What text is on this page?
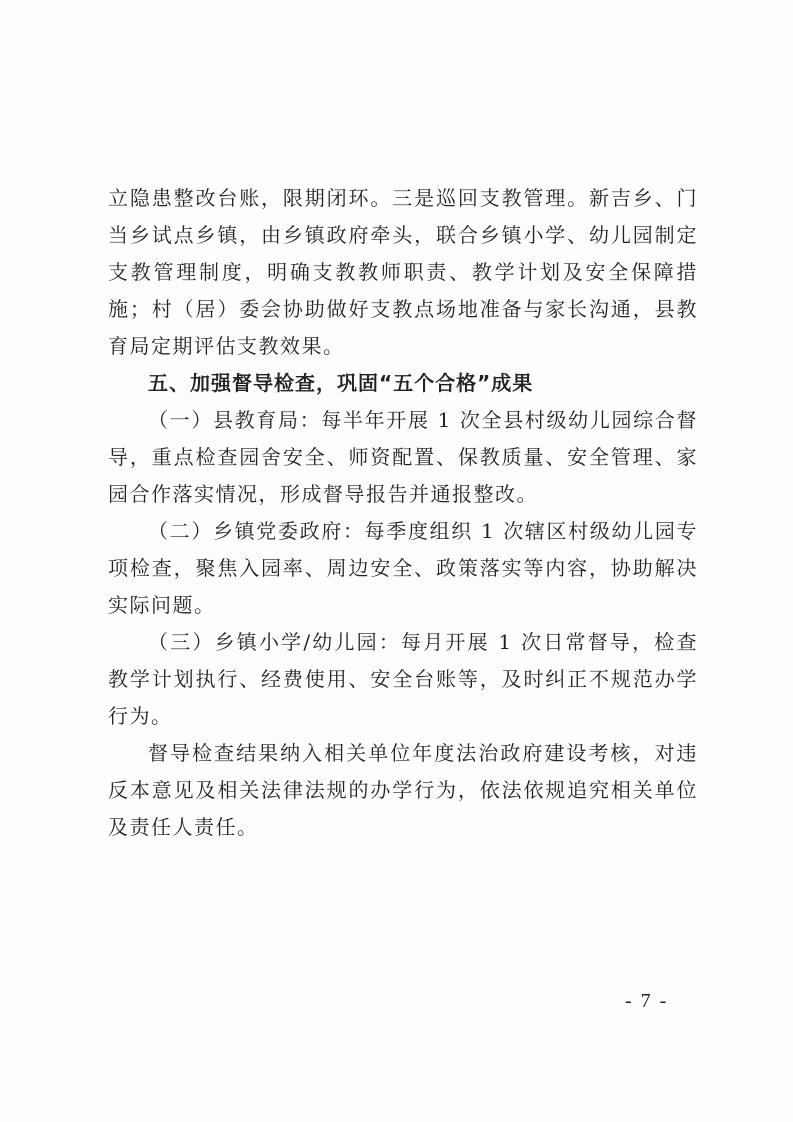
立隐患整改台账，限期闭环。三是巡回支教管理。新吉乡、门当乡试点乡镇，由乡镇政府牵头，联合乡镇小学、幼儿园制定支教管理制度，明确支教教师职责、教学计划及安全保障措施；村（居）委会协助做好支教点场地准备与家长沟通，县教育局定期评估支教效果。

五、加强督导检查，巩固“五个合格”成果

（一）县教育局：每半年开展 1 次全县村级幼儿园综合督导，重点检查园舍安全、师资配置、保教质量、安全管理、家园合作落实情况，形成督导报告并通报整改。

（二）乡镇党委政府：每季度组织 1 次辖区村级幼儿园专项检查，聚焦入园率、周边安全、政策落实等内容，协助解决实际问题。

（三）乡镇小学/幼儿园：每月开展 1 次日常督导，检查教学计划执行、经费使用、安全台账等，及时纠正不规范办学行为。

督导检查结果纳入相关单位年度法治政府建设考核，对违反本意见及相关法律法规的办学行为，依法依规追究相关单位及责任人责任。

- 7 -
